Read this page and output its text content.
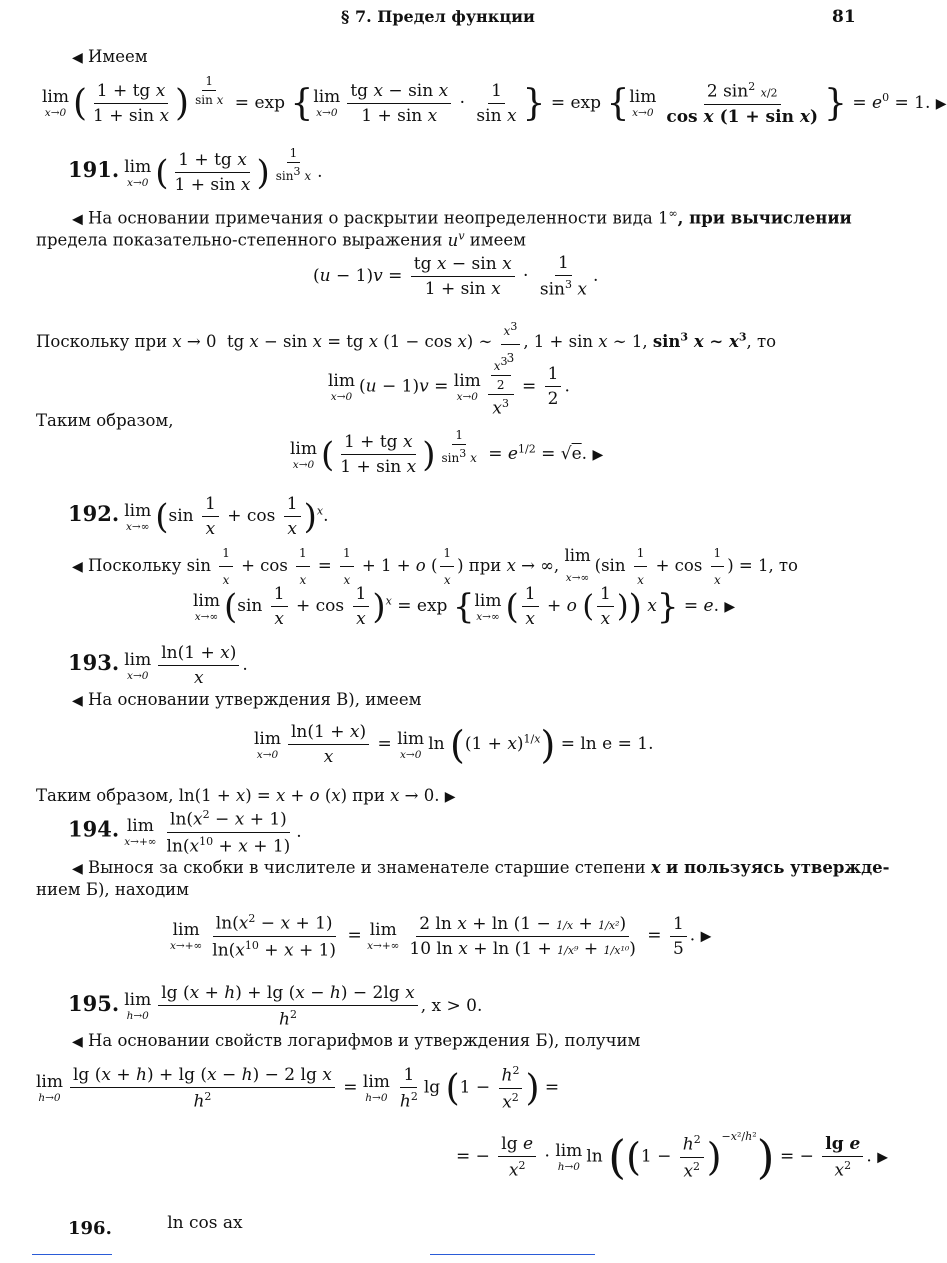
§ 7. Предел функции	81
◀ Имеем
lim
x→0 ( $\frac{\text{1 + tg x}}{\text{1 + sin x}}$ ) $\frac{1}{\text{sin x}} = \exp$ { lim
$x\to 0 \frac{\text{tg x − sin x}}{\text{1 + sin x}} \cdot \frac{1}{\text{sin x}}$ } = exp { lim
$x\to 0 \frac{2 \sin^2 x/2}{\text{cos x (1 + sin x)}}$ } = $e^0 = 1$. ▶
191. lim
x→0 ( $\frac{\text{1 + tg x}}{\text{1 + sin x}}$ ) $\frac{1}{\sin^3 x}$ .
◀ На основании примечания о раскрытии неопределенности вида 1∞, при вычислении
предела показательно-степенного выражения $u^v$ имеем
$(u - 1)v = \frac{\text{tg x − sin x}}{\text{1 + sin x}} \cdot \frac{1}{\sin^3 x}$ .
Поскольку при x → 0  tg x − sin x = tg x (1 − cos x) ∼ $\frac{x^3}{3}$ , 1 + sin x ∼ 1, $\sin^3 x$ ∼ $x^3$, то
lim
x→0
(u − 1)v = lim
$x\to 0 \frac{\frac{x^3}{2}}{x^3} = \frac{1}{2}$ .
Таким образом,
lim
x→0 ( $\frac{\text{1 + tg x}}{\text{1 + sin x}}$ ) $\frac{1}{\sin^3 x} = e^{1/2} = √e$. ▶
192. lim
x→∞ $(\sin \frac{1}{x} + \cos \frac{1}{x} )^x$.
◀ Поскольку $\sin \frac{1}{x} + \cos \frac{1}{x} = \frac{1}{x} + 1 + o$ ( $\frac{1}{x}$ ) при x → ∞,
lim
x→∞
($\sin \frac{1}{x} + \cos \frac{1}{x}$ ) = 1, то
lim
x→∞ $(\sin \frac{1}{x} + \cos \frac{1}{x} )^x = \exp$ { lim
x→∞ ( $\frac{1}{x} + o$ ( $\frac{1}{x}$ )) x} = e. ▶
193. lim
$x\to 0 \frac{\ln(1 + x)}{x}$ .
◀ На основании утверждения В), имеем
lim
$x\to 0 \frac{\ln(1 + x)}{x} = \lim$
x→0
$\ln ((1 + x)^{1/x}) = \ln e = 1$.
Таким образом, ln(1 + x) = x + o (x) при x → 0. ▶
194. lim
$x\to+\infty \frac{\ln(x^2 - x + 1)}{\ln(x^{10} + x + 1)}$ .
◀ Вынося за скобки в числителе и знаменателе старшие степени x и пользуясь утвержде-
нием Б), находим
lim
$x\to+\infty \frac{\ln(x^2 - x + 1)}{\ln(x^{10} + x + 1)} = \lim$
$x\to+\infty \frac{\text{2 ln x + ln (1 − 1/x + 1/x²)}}{\text{10 ln x + ln (1 + 1/x⁹ + 1/x¹⁰)}} = \frac{1}{5}$ . ▶
195. lim
$h\to 0 \frac{\text{lg (x + h) + lg (x − h) − 2lg x}}{h^2}$ , x > 0.
◀ На основании свойств логарифмов и утверждения Б), получим
lim
$h\to 0 \frac{\text{lg (x + h) + lg (x − h) − 2 lg x}}{h^2} = \lim$
$h\to 0 \frac{1}{h^2}$ $\lg (1 - \frac{h^2}{x^2}$ ) =
= − $\frac{\text{lg e}}{x^2} \cdot \lim$
h→0
$\ln ((1 - \frac{h^2}{x^2} )^{-x^2/h^2})$ = − $\frac{\text{lg e}}{x^2}$ . ▶
196.	ln cos ax
